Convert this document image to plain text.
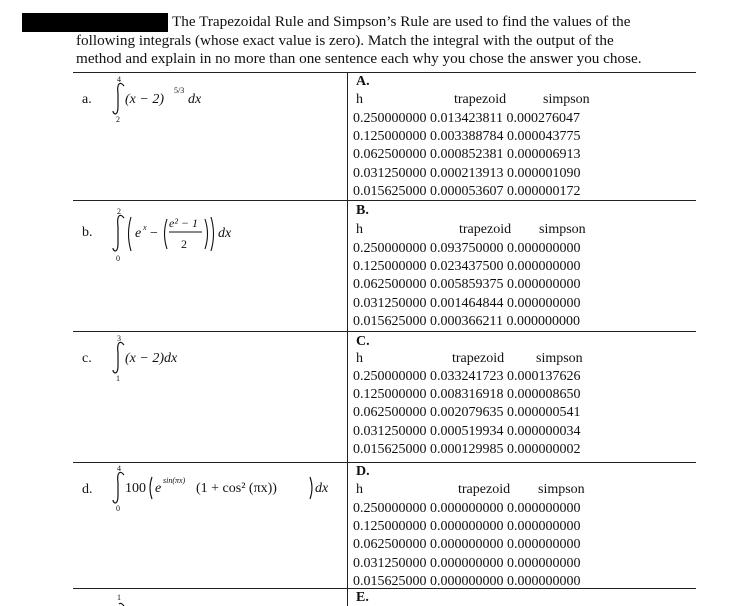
The Trapezoidal Rule and Simpson’s Rule are used to find the values of the
following integrals (whose exact value is zero). Match the integral with the output of the
method and explain in no more than one sentence each why you chose the answer you chose.
a.
4
2
(x − 2)
5/3
dx
b.
2
0
e x −
e² − 1
2
dx
c.
3
1
(x − 2)dx
d.
4
0
100 e
sin(πx)
(1 + cos² (πx))	dx
1
A.
h	trapezoid	simpson
0.250000000 0.013423811 0.000276047
0.125000000 0.003388784 0.000043775
0.062500000 0.000852381 0.000006913
0.031250000 0.000213913 0.000001090
0.015625000 0.000053607 0.000000172
B.
h	trapezoid simpson
0.250000000 0.093750000 0.000000000
0.125000000 0.023437500 0.000000000
0.062500000 0.005859375 0.000000000
0.031250000 0.001464844 0.000000000
0.015625000 0.000366211 0.000000000
C.
h	trapezoid simpson
0.250000000 0.033241723 0.000137626
0.125000000 0.008316918 0.000008650
0.062500000 0.002079635 0.000000541
0.031250000 0.000519934 0.000000034
0.015625000 0.000129985 0.000000002
D.
h	trapezoid simpson
0.250000000 0.000000000 0.000000000
0.125000000 0.000000000 0.000000000
0.062500000 0.000000000 0.000000000
0.031250000 0.000000000 0.000000000
0.015625000 0.000000000 0.000000000
E.
